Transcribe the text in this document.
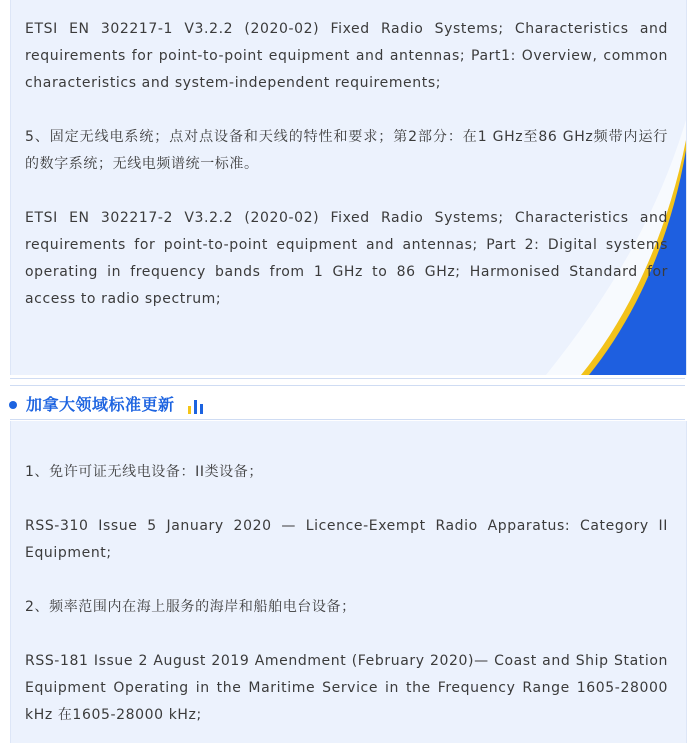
ETSI EN 302217-1 V3.2.2 (2020-02) Fixed Radio Systems; Characteristics and requirements for point-to-point equipment and antennas; Part1: Overview, common characteristics and system-independent requirements;

5、固定无线电系统；点对点设备和天线的特性和要求；第2部分：在1 GHz至86 GHz频带内运行的数字系统；无线电频谱统一标准。

ETSI EN 302217-2 V3.2.2 (2020-02) Fixed Radio Systems; Characteristics and requirements for point-to-point equipment and antennas; Part 2: Digital systems operating in frequency bands from 1 GHz to 86 GHz; Harmonised Standard for access to radio spectrum;

加拿大领域标准更新

1、免许可证无线电设备：II类设备；

RSS-310 Issue 5 January 2020 — Licence-Exempt Radio Apparatus: Category II Equipment;

2、频率范围内在海上服务的海岸和船舶电台设备；

RSS-181 Issue 2 August 2019 Amendment (February 2020)— Coast and Ship Station Equipment Operating in the Maritime Service in the Frequency Range 1605-28000 kHz 在1605-28000 kHz;
